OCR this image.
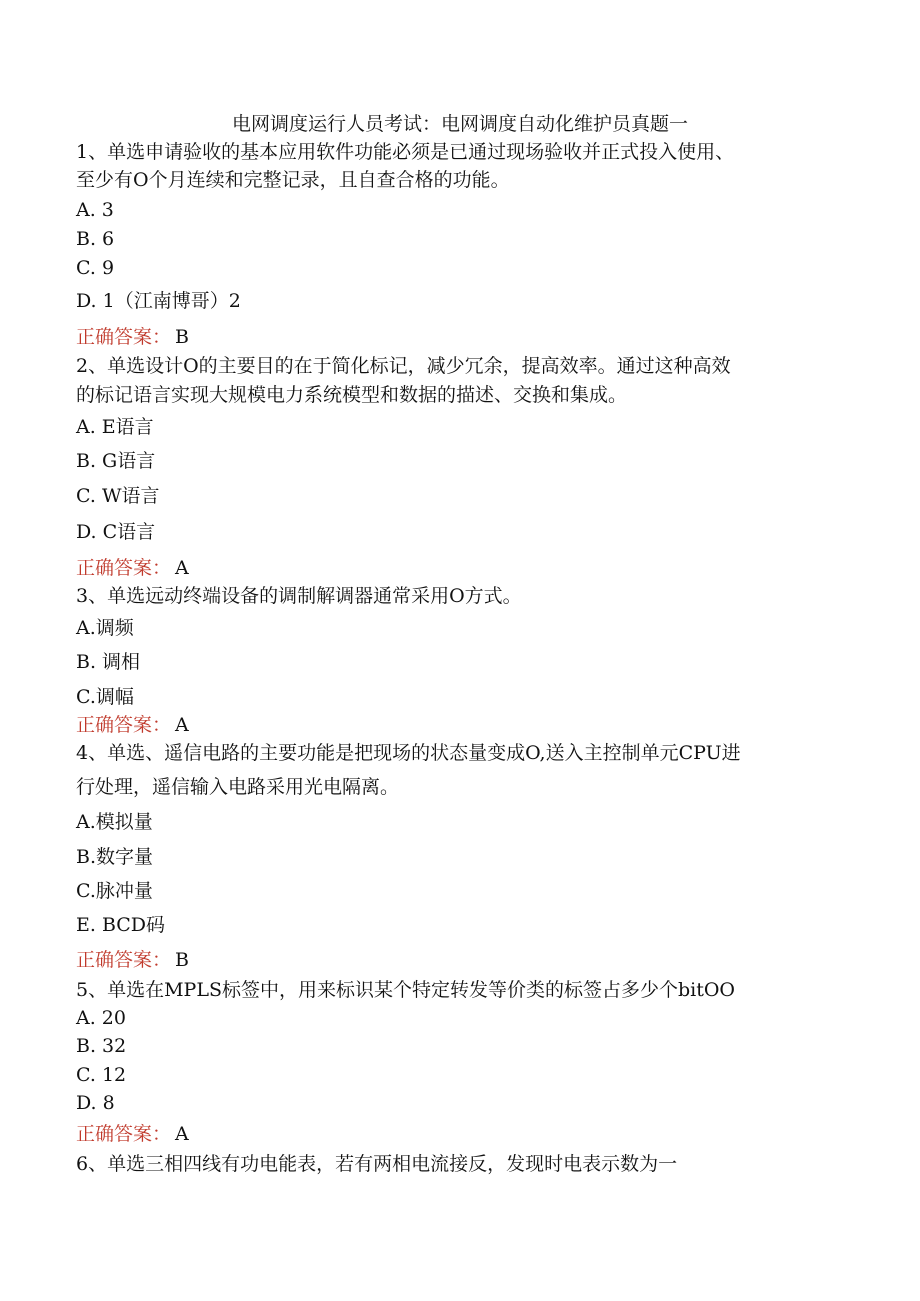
电网调度运行人员考试：电网调度自动化维护员真题一
1、单选申请验收的基本应用软件功能必须是已通过现场验收并正式投入使用、
至少有O个月连续和完整记录，且自查合格的功能。
A. 3
B. 6
C. 9
D. 1（江南博哥）2
正确答案： B
2、单选设计O的主要目的在于简化标记，减少冗余，提高效率。通过这种高效
的标记语言实现大规模电力系统模型和数据的描述、交换和集成。
A. E语言
B. G语言
C. W语言
D. C语言
正确答案： A
3、单选远动终端设备的调制解调器通常采用O方式。
A.调频
B. 调相
C.调幅
正确答案： A
4、单选、遥信电路的主要功能是把现场的状态量变成O,送入主控制单元CPU进
行处理，遥信输入电路采用光电隔离。
A.模拟量
B.数字量
C.脉冲量
E. BCD码
正确答案： B
5、单选在MPLS标签中，用来标识某个特定转发等价类的标签占多少个bitOO
A. 20
B. 32
C. 12
D. 8
正确答案： A
6、单选三相四线有功电能表，若有两相电流接反，发现时电表示数为一
